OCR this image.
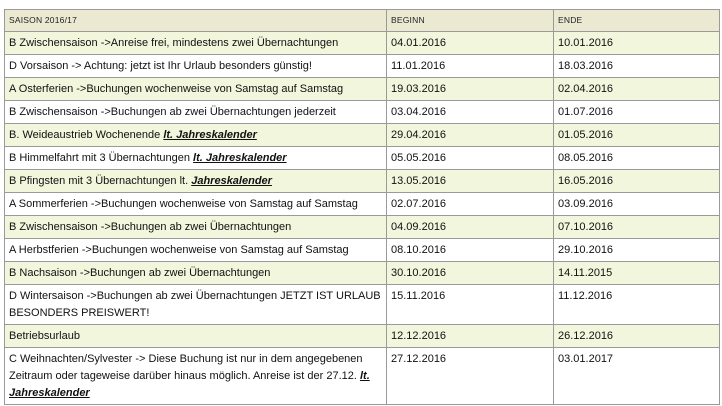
SAISON 2016/17	BEGINN	ENDE
B Zwischensaison ->Anreise frei, mindestens zwei Übernachtungen	04.01.2016	10.01.2016
D Vorsaison -> Achtung: jetzt ist Ihr Urlaub besonders günstig!	11.01.2016	18.03.2016
A Osterferien ->Buchungen wochenweise von Samstag auf Samstag	19.03.2016	02.04.2016
B Zwischensaison ->Buchungen ab zwei Übernachtungen jederzeit	03.04.2016	01.07.2016
B. Weideaustrieb Wochenende lt. Jahreskalender	29.04.2016	01.05.2016
B Himmelfahrt mit 3 Übernachtungen lt. Jahreskalender	05.05.2016	08.05.2016
B Pfingsten mit 3 Übernachtungen lt. Jahreskalender	13.05.2016	16.05.2016
A Sommerferien ->Buchungen wochenweise von Samstag auf Samstag	02.07.2016	03.09.2016
B Zwischensaison ->Buchungen ab zwei Übernachtungen	04.09.2016	07.10.2016
A Herbstferien ->Buchungen wochenweise von Samstag auf Samstag	08.10.2016	29.10.2016
B Nachsaison ->Buchungen ab zwei Übernachtungen	30.10.2016	14.11.2015
D Wintersaison ->Buchungen ab zwei Übernachtungen JETZT IST URLAUB BESONDERS PREISWERT!	15.11.2016	11.12.2016
Betriebsurlaub	12.12.2016	26.12.2016
C Weihnachten/Sylvester -> Diese Buchung ist nur in dem angegebenen Zeitraum oder tageweise darüber hinaus möglich. Anreise ist der 27.12. lt. Jahreskalender	27.12.2016	03.01.2017
